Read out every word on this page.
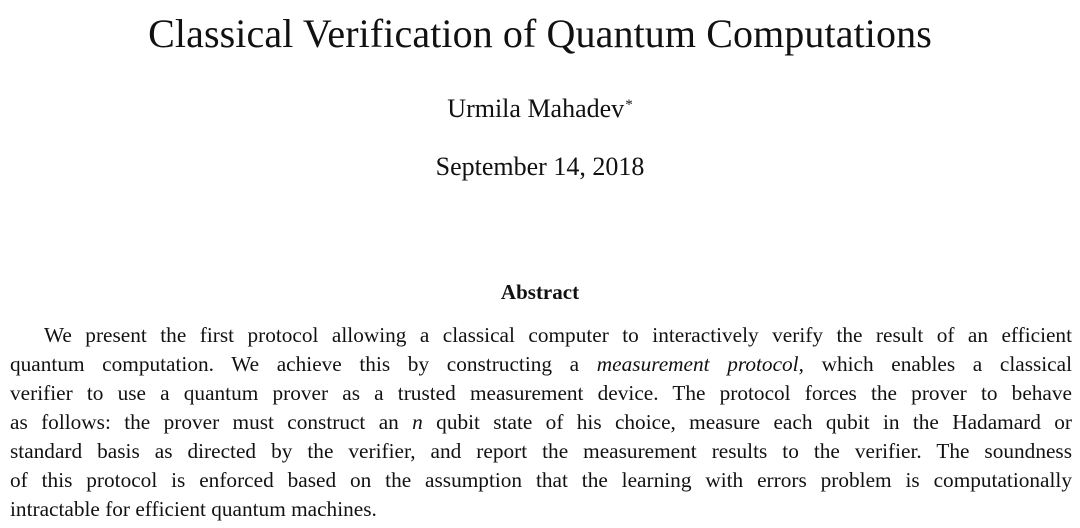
Classical Verification of Quantum Computations
Urmila Mahadev*
September 14, 2018
Abstract
We present the first protocol allowing a classical computer to interactively verify the result of an efficient
quantum computation. We achieve this by constructing a measurement protocol, which enables a classical
verifier to use a quantum prover as a trusted measurement device. The protocol forces the prover to behave
as follows: the prover must construct an n qubit state of his choice, measure each qubit in the Hadamard or
standard basis as directed by the verifier, and report the measurement results to the verifier. The soundness
of this protocol is enforced based on the assumption that the learning with errors problem is computationally
intractable for efficient quantum machines.
